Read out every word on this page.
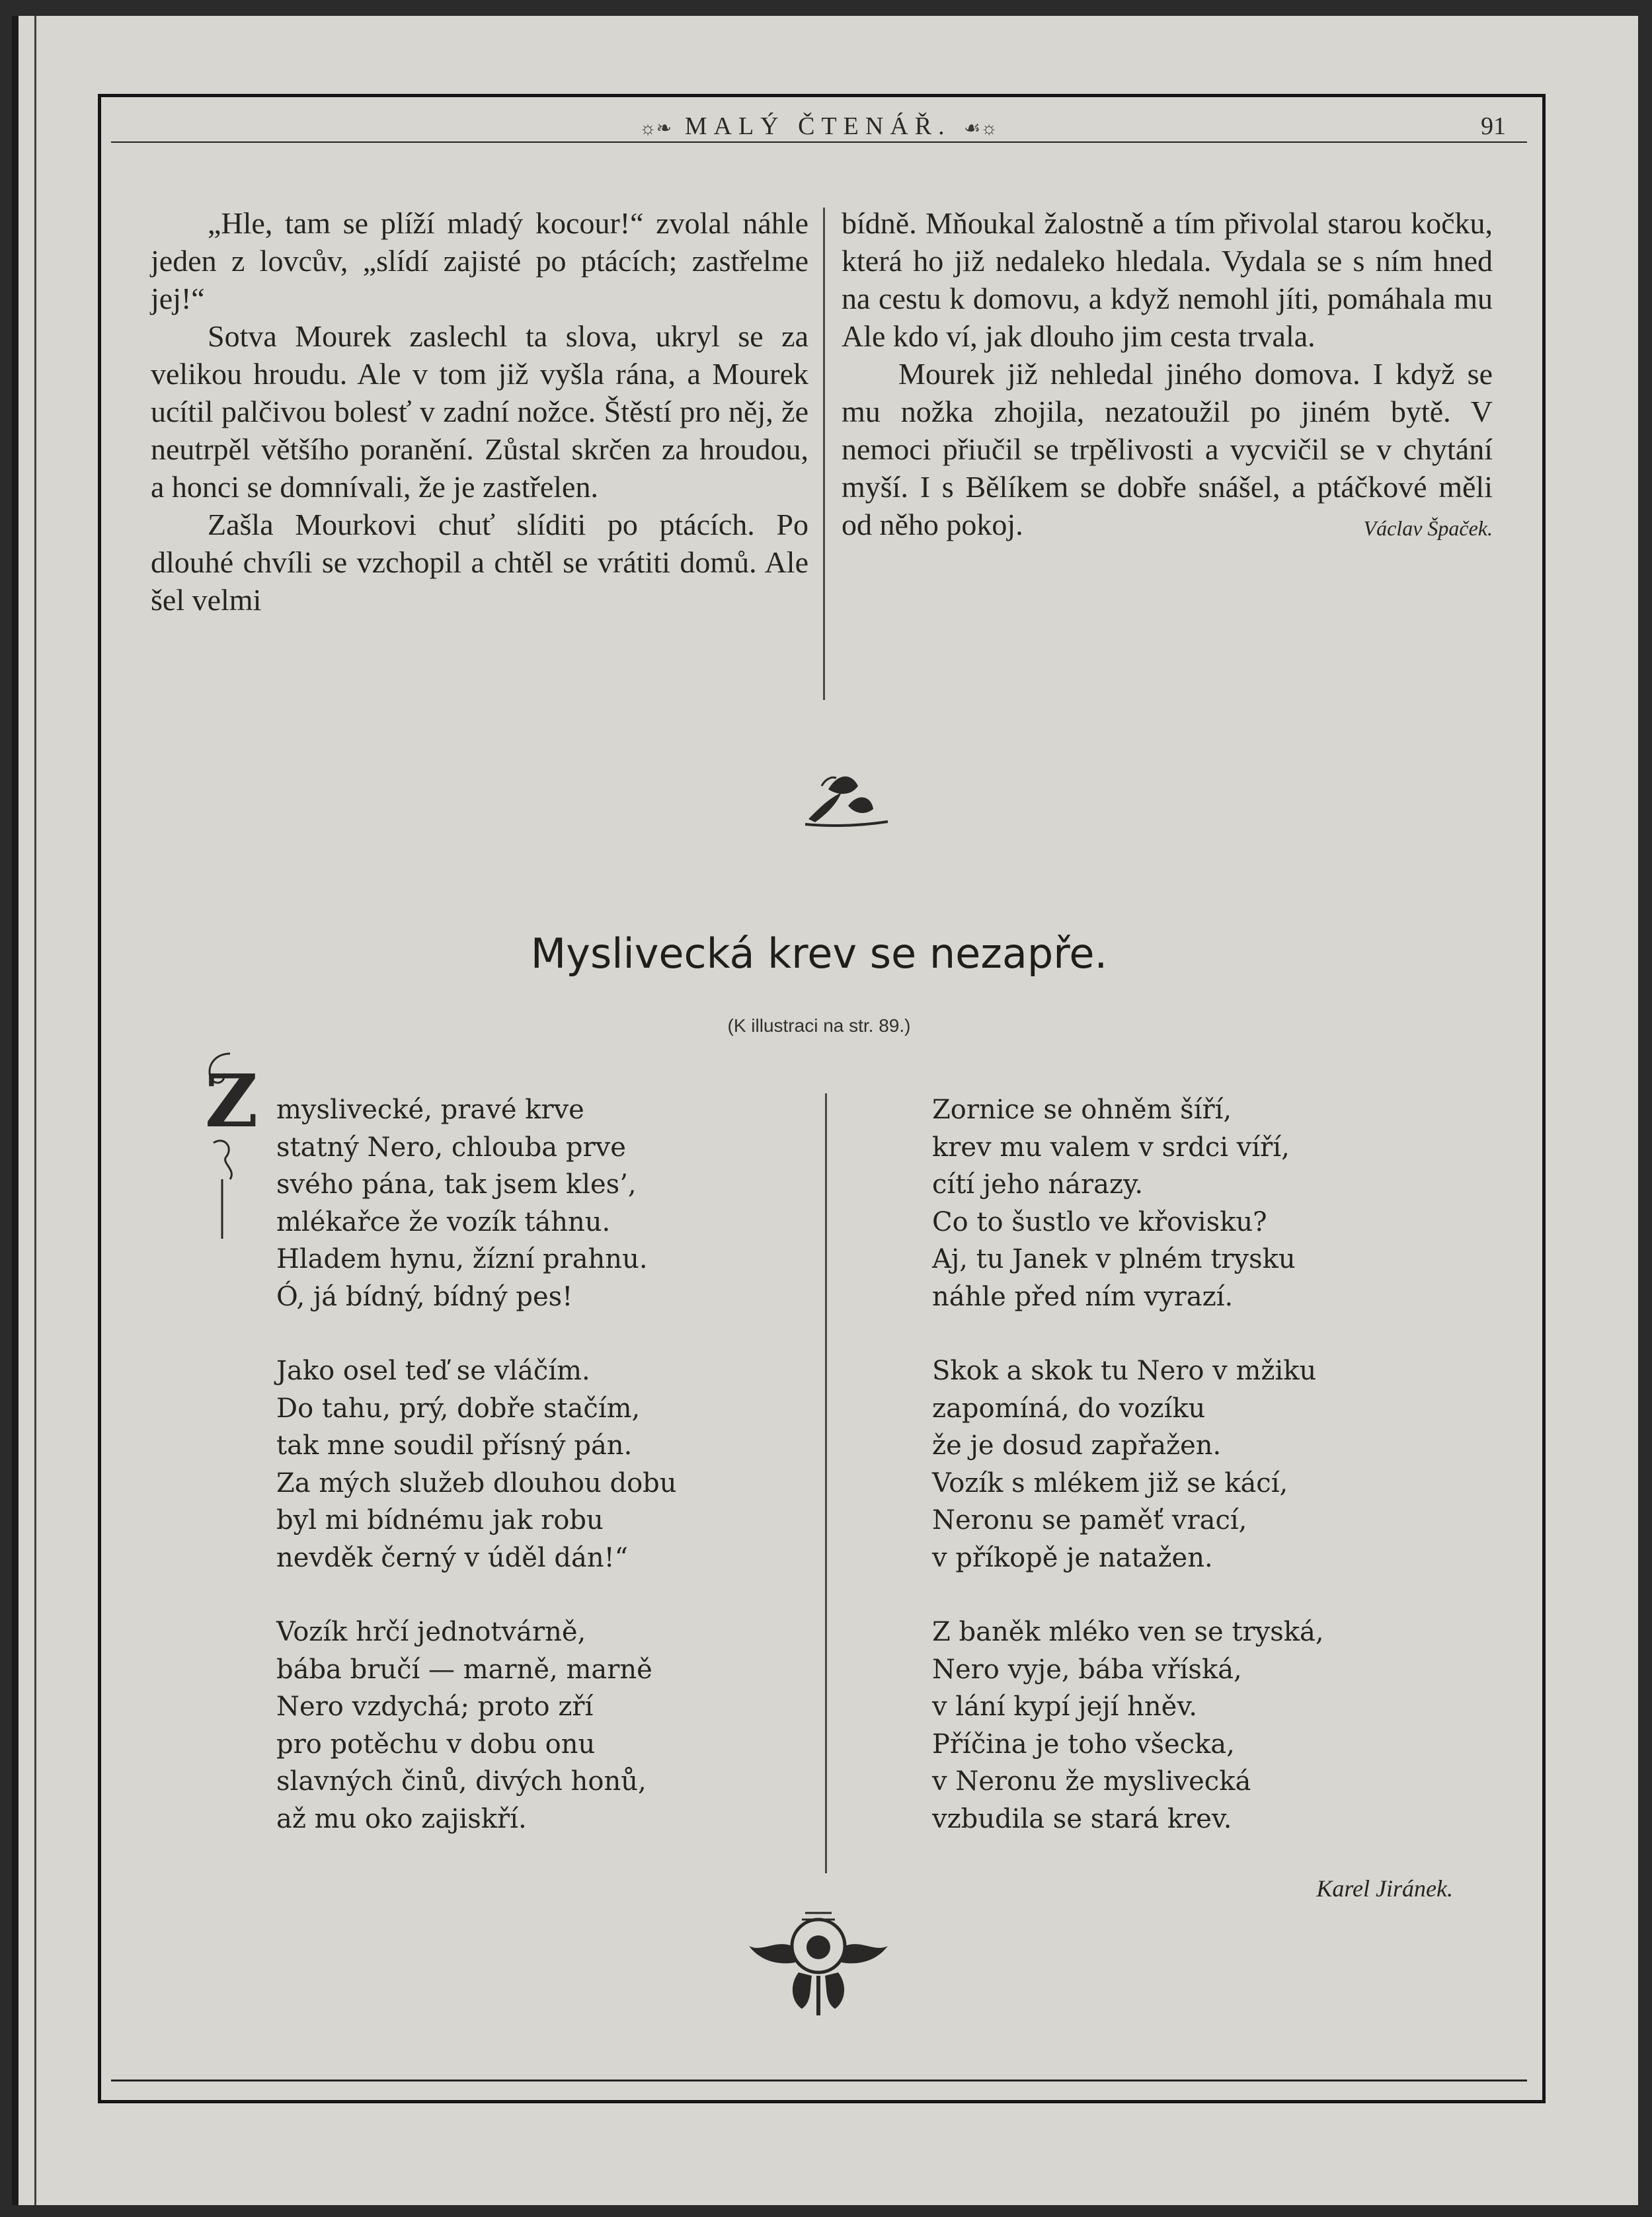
☼❧ MALÝ ČTENÁŘ. ☙☼	91

„Hle, tam se plíží mladý kocour!“ zvolal náhle jeden z lovcův, „slídí zajisté po ptácích; zastřelme jej!“

Sotva Mourek zaslechl ta slova, ukryl se za velikou hroudu. Ale v tom již vyšla rána, a Mourek ucítil palčivou bolesť v zadní nožce. Štěstí pro něj, že neutrpěl většího poranění. Zůstal skrčen za hroudou, a honci se domnívali, že je zastřelen.

Zašla Mourkovi chuť slíditi po ptácích. Po dlouhé chvíli se vzchopil a chtěl se vrátiti domů. Ale šel velmi

bídně. Mňoukal žalostně a tím přivolal starou kočku, která ho již nedaleko hledala. Vydala se s ním hned na cestu k domovu, a když nemohl jíti, pomáhala mu Ale kdo ví, jak dlouho jim cesta trvala.

Mourek již nehledal jiného domova. I když se mu nožka zhojila, nezatoužil po jiném bytě. V nemoci přiučil se trpělivosti a vycvičil se v chytání myší. I s Bělíkem se dobře snášel, a ptáčkové měli od něho pokoj.	Václav Špaček.

Myslivecká krev se nezapře.
(K illustraci na str. 89.)
Z myslivecké, pravé krve
statný Nero, chlouba prve
svého pána, tak jsem kles’,
mlékařce že vozík táhnu.
Hladem hynu, žízní prahnu.
Ó, já bídný, bídný pes!
Jako osel teď se vláčím.
Do tahu, prý, dobře stačím,
tak mne soudil přísný pán.
Za mých služeb dlouhou dobu
byl mi bídnému jak robu
nevděk černý v úděl dán!“
Vozík hrčí jednotvárně,
bába bručí — marně, marně
Nero vzdychá; proto zří
pro potěchu v dobu onu
slavných činů, divých honů,
až mu oko zajiskří.
Zornice se ohněm šíří,
krev mu valem v srdci víří,
cítí jeho nárazy.
Co to šustlo ve křovisku?
Aj, tu Janek v plném trysku
náhle před ním vyrazí.
Skok a skok tu Nero v mžiku
zapomíná, do vozíku
že je dosud zapřažen.
Vozík s mlékem již se kácí,
Neronu se paměť vrací,
v příkopě je natažen.
Z baněk mléko ven se tryská,
Nero vyje, bába vříská,
v lání kypí její hněv.
Příčina je toho všecka,
v Neronu že myslivecká
vzbudila se stará krev.
Karel Jiránek.
